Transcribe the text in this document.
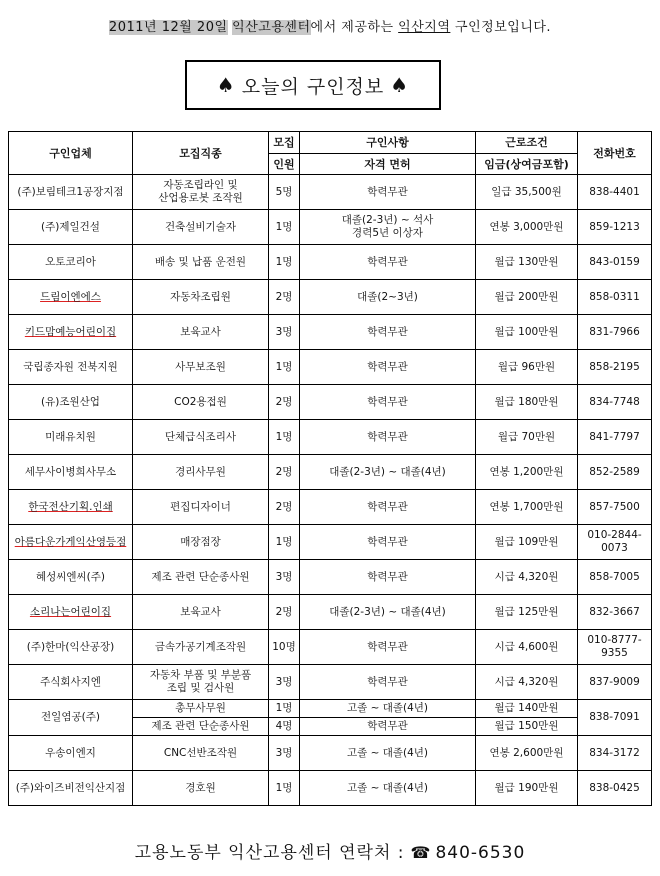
2011년 12월 20일 익산고용센터에서 제공하는 익산지역 구인정보입니다.
♠ 오늘의 구인정보 ♠
구인업체	모집직종	모집	구인사항	근로조건	전화번호
		인원	자격 면허	임금(상여금포함)	
(주)보림테크1공장지점	자동조립라인 및
산업용로봇 조작원	5명	학력무관	일급 35,500원	838-4401
(주)제일건설	건축설비기술자	1명	대졸(2-3년) ~ 석사
경력5년 이상자	연봉 3,000만원	859-1213
오토코리아	배송 및 납품 운전원	1명	학력무관	월급 130만원	843-0159
드림이엔에스	자동차조립원	2명	대졸(2~3년)	월급 200만원	858-0311
키드맘예능어린이집	보육교사	3명	학력무관	월급 100만원	831-7966
국립종자원 전북지원	사무보조원	1명	학력무관	월급 96만원	858-2195
(유)조원산업	CO2용접원	2명	학력무관	월급 180만원	834-7748
미래유치원	단체급식조리사	1명	학력무관	월급 70만원	841-7797
세무사이병희사무소	경리사무원	2명	대졸(2-3년) ~ 대졸(4년)	연봉 1,200만원	852-2589
한국전산기획.인쇄	편집디자이너	2명	학력무관	연봉 1,700만원	857-7500
아름다운가게익산영등점	매장점장	1명	학력무관	월급 109만원	010-2844-0073
혜성씨엔씨(주)	제조 관련 단순종사원	3명	학력무관	시급 4,320원	858-7005
소리나는어린이집	보육교사	2명	대졸(2-3년) ~ 대졸(4년)	월급 125만원	832-3667
(주)한마(익산공장)	금속가공기계조작원	10명	학력무관	시급 4,600원	010-8777-9355
주식회사지엔	자동차 부품 및 부분품
조립 및 검사원	3명	학력무관	시급 4,320원	837-9009
전일염공(주)	총무사무원	1명	고졸 ~ 대졸(4년)	월급 140만원	838-7091
	제조 관련 단순종사원	4명	학력무관	월급 150만원	
우송이엔지	CNC선반조작원	3명	고졸 ~ 대졸(4년)	연봉 2,600만원	834-3172
(주)와이즈비전익산지점	경호원	1명	고졸 ~ 대졸(4년)	월급 190만원	838-0425
고용노동부 익산고용센터 연락처 : ☎ 840-6530
